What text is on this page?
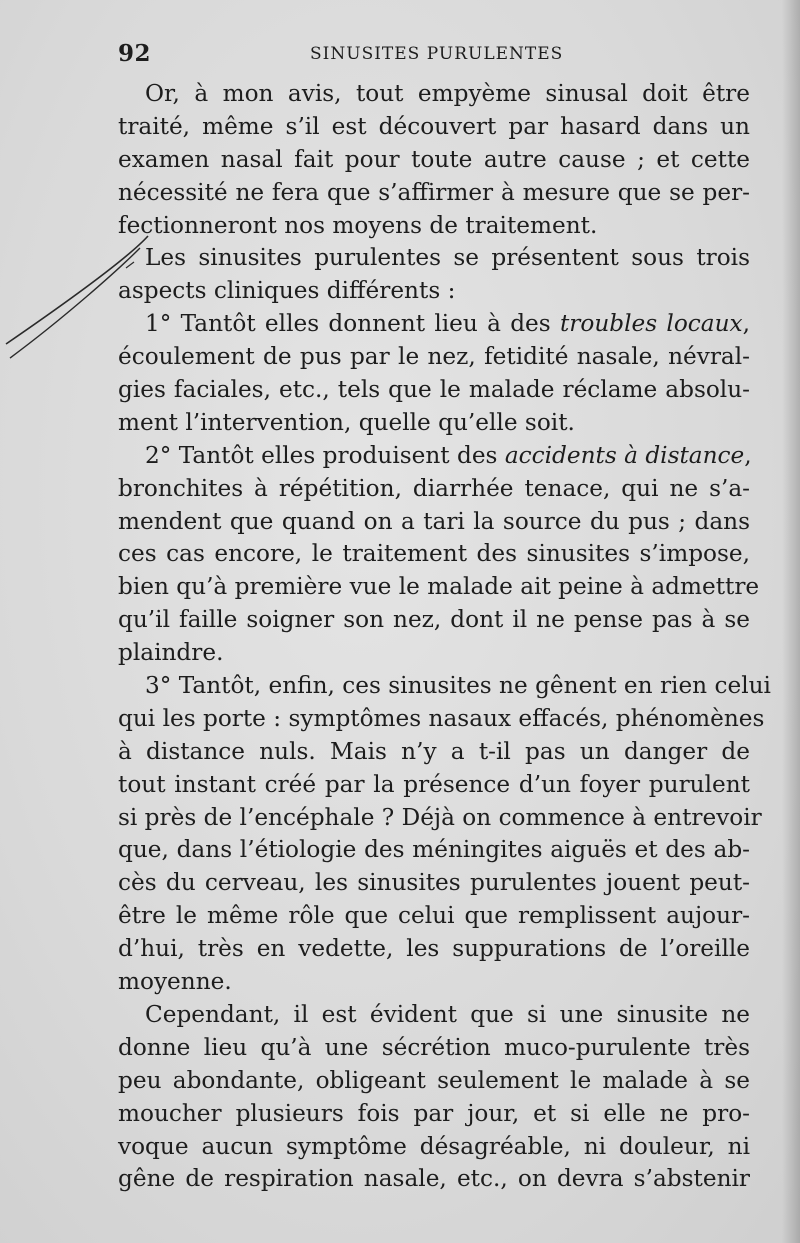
92	SINUSITES PURULENTES
Or, à mon avis, tout empyème sinusal doit être
traité, même s’il est découvert par hasard dans un
examen nasal fait pour toute autre cause ; et cette
nécessité ne fera que s’affirmer à mesure que se per-
fectionneront nos moyens de traitement.
Les sinusites purulentes se présentent sous trois
aspects cliniques différents :
1° Tantôt elles donnent lieu à des troubles locaux,
écoulement de pus par le nez, fetidité nasale, névral-
gies faciales, etc., tels que le malade réclame absolu-
ment l’intervention, quelle qu’elle soit.
2° Tantôt elles produisent des accidents à distance,
bronchites à répétition, diarrhée tenace, qui ne s’a-
mendent que quand on a tari la source du pus ; dans
ces cas encore, le traitement des sinusites s’impose,
bien qu’à première vue le malade ait peine à admettre
qu’il faille soigner son nez, dont il ne pense pas à se
plaindre.
3° Tantôt, enfin, ces sinusites ne gênent en rien celui
qui les porte : symptômes nasaux effacés, phénomènes
à distance nuls. Mais n’y a t-il pas un danger de
tout instant créé par la présence d’un foyer purulent
si près de l’encéphale ? Déjà on commence à entrevoir
que, dans l’étiologie des méningites aiguës et des ab-
cès du cerveau, les sinusites purulentes jouent peut-
être le même rôle que celui que remplissent aujour-
d’hui, très en vedette, les suppurations de l’oreille
moyenne.
Cependant, il est évident que si une sinusite ne
donne lieu qu’à une sécrétion muco-purulente très
peu abondante, obligeant seulement le malade à se
moucher plusieurs fois par jour, et si elle ne pro-
voque aucun symptôme désagréable, ni douleur, ni
gêne de respiration nasale, etc., on devra s’abstenir
